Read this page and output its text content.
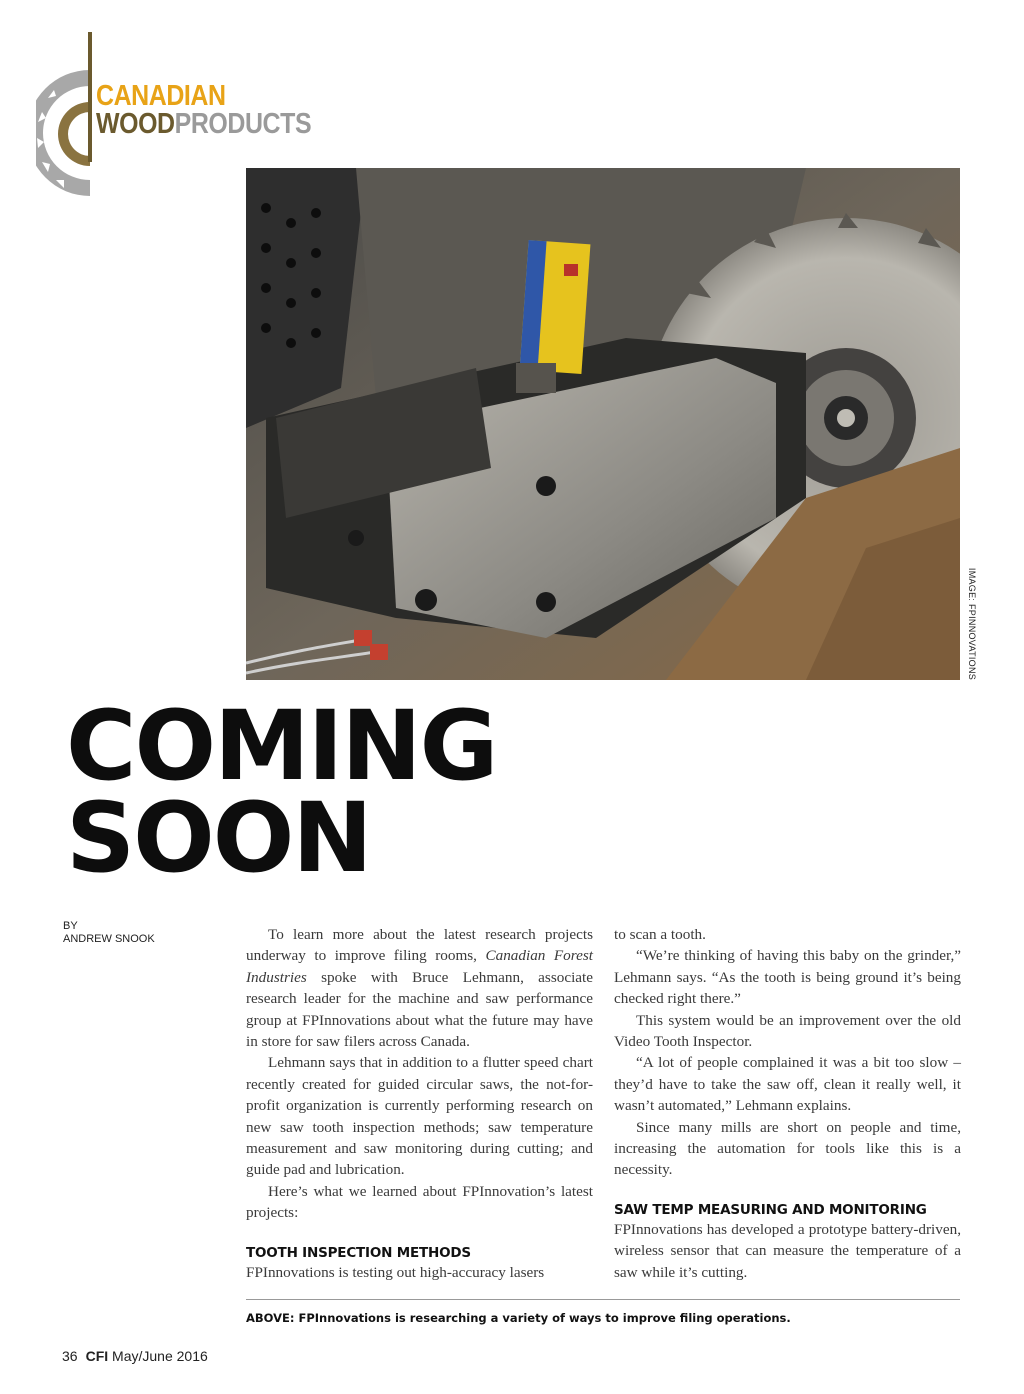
CANADIAN
WOODPRODUCTS
IMAGE: FPINNOVATIONS
COMING
SOON
BY
ANDREW SNOOK	To learn more about the latest research projects underway to improve filing rooms, Canadian Forest Industries spoke with Bruce Lehmann, associate research leader for the machine and saw performance group at FPInnovations about what the future may have in store for saw filers across Canada.

Lehmann says that in addition to a flutter speed chart recently created for guided circular saws, the not-for-profit organization is currently performing research on new saw tooth inspection methods; saw temperature measurement and saw monitoring during cutting; and guide pad and lubrication.

Here’s what we learned about FPInnovation’s latest projects:

TOOTH INSPECTION METHODS

FPInnovations is testing out high-accuracy lasers

to scan a tooth.

“We’re thinking of having this baby on the grinder,” Lehmann says. “As the tooth is being ground it’s being checked right there.”

This system would be an improvement over the old Video Tooth Inspector.

“A lot of people complained it was a bit too slow – they’d have to take the saw off, clean it really well, it wasn’t automated,” Lehmann explains.

Since many mills are short on people and time, increasing the automation for tools like this is a necessity.

SAW TEMP MEASURING AND MONITORING

FPInnovations has developed a prototype battery-driven, wireless sensor that can measure the temperature of a saw while it’s cutting.

ABOVE: FPInnovations is researching a variety of ways to improve filing operations.
36 CFI May/June 2016
